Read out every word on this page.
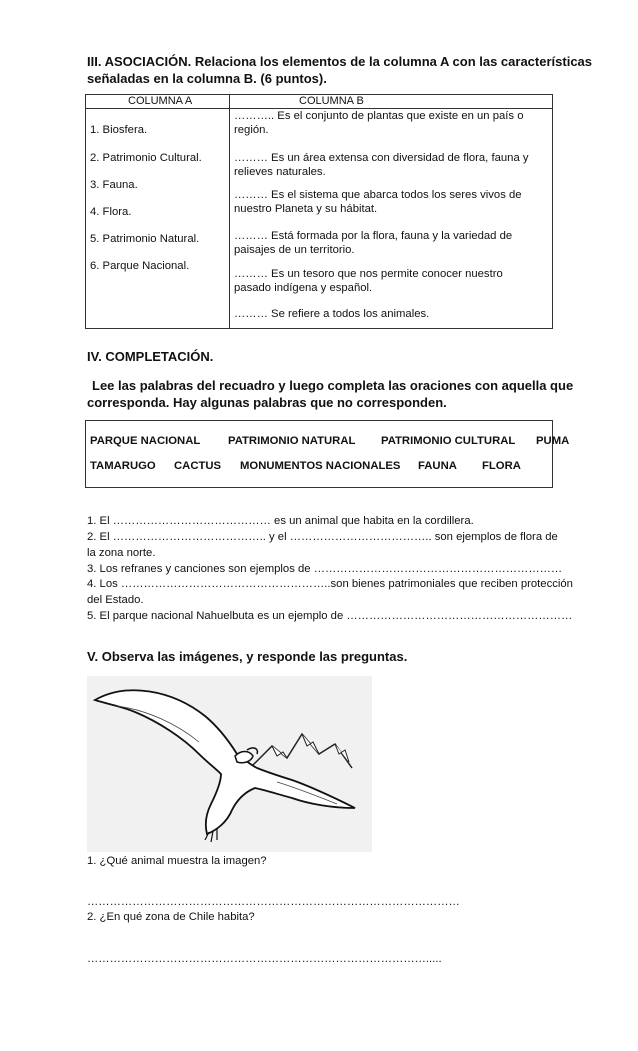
III. ASOCIACIÓN. Relaciona los elementos de la columna A con las características
señaladas en la columna B. (6 puntos).
COLUMNA A	COLUMNA B
1. Biosfera.
2. Patrimonio Cultural.
3. Fauna.
4. Flora.
5. Patrimonio Natural.
6. Parque Nacional.
……….. Es el conjunto de plantas que existe en un país o
región.
……… Es un área extensa con diversidad de flora, fauna y
relieves naturales.
……… Es el sistema que abarca todos los seres vivos de
nuestro Planeta y su hábitat.
……… Está formada por la flora, fauna y la variedad de
paisajes de un territorio.
……… Es un tesoro que nos permite conocer nuestro
pasado indígena y español.
……… Se refiere a todos los animales.
IV. COMPLETACIÓN.
Lee las palabras del recuadro y luego completa las oraciones con aquella que
corresponda. Hay algunas palabras que no corresponden.
PARQUE NACIONAL PATRIMONIO NATURAL PATRIMONIO CULTURAL PUMA
TAMARUGO CACTUS MONUMENTOS NACIONALES FAUNA FLORA
1. El …………………………………… es un animal que habita en la cordillera.
2. El ………………………………….. y el ……………………………….. son ejemplos de flora de
la zona norte.
3. Los refranes y canciones son ejemplos de …………………………………………………………
4. Los ………………………………………………..son bienes patrimoniales que reciben protección
del Estado.
5. El parque nacional Nahuelbuta es un ejemplo de ……………………………………………………
V. Observa las imágenes, y responde las preguntas.
1. ¿Qué animal muestra la imagen?
………………………………………………………………………………………
2. ¿En qué zona de Chile habita?
……………………………………………………………………………….....
